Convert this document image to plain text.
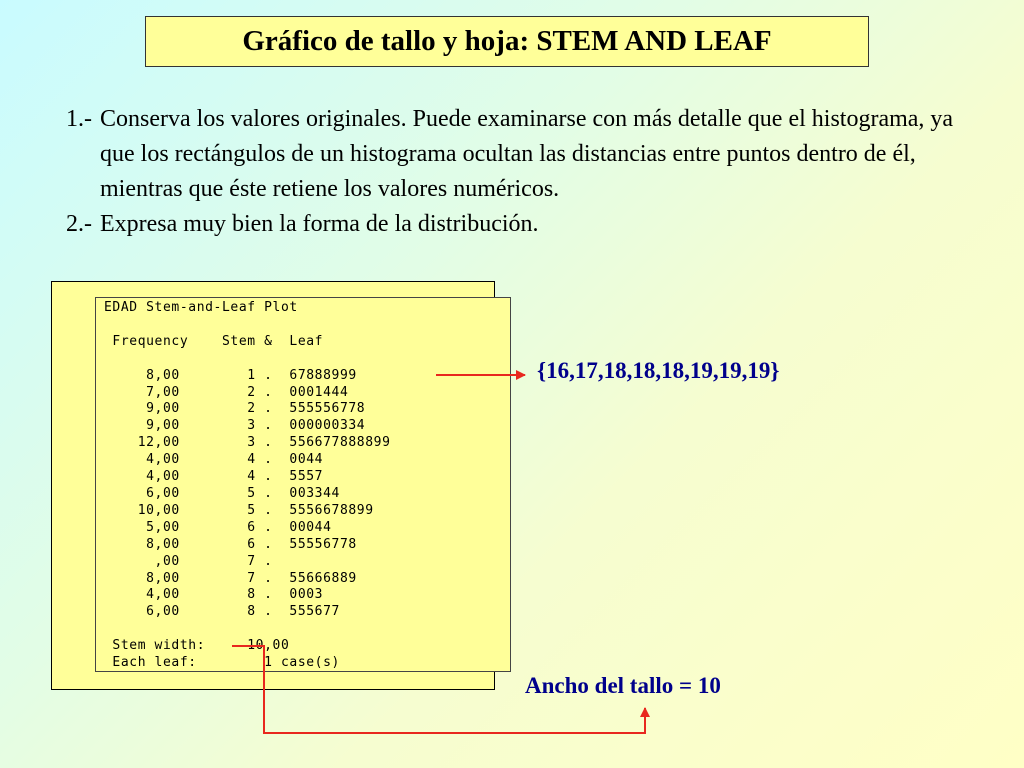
Gráfico de tallo y hoja: STEM AND LEAF

1.- Conserva los valores originales. Puede examinarse con más detalle que el histograma, ya que los rectángulos de un histograma ocultan las distancias entre puntos dentro de él, mientras que éste retiene los valores numéricos.

2.- Expresa muy bien la forma de la distribución.

EDAD Stem-and-Leaf Plot

Frequency    Stem &  Leaf

8,00        1 .  67888999
7,00        2 .  0001444
9,00        2 .  555556778
9,00        3 .  000000334
12,00        3 .  556677888899
4,00        4 .  0044
4,00        4 .  5557
6,00        5 .  003344
10,00        5 .  5556678899
5,00        6 .  00044
8,00        6 .  55556778
,00        7 .
8,00        7 .  55666889
4,00        8 .  0003
6,00        8 .  555677

Stem width:     10,00
Each leaf:        1 case(s)
{16,17,18,18,18,19,19,19}
Ancho del tallo = 10
